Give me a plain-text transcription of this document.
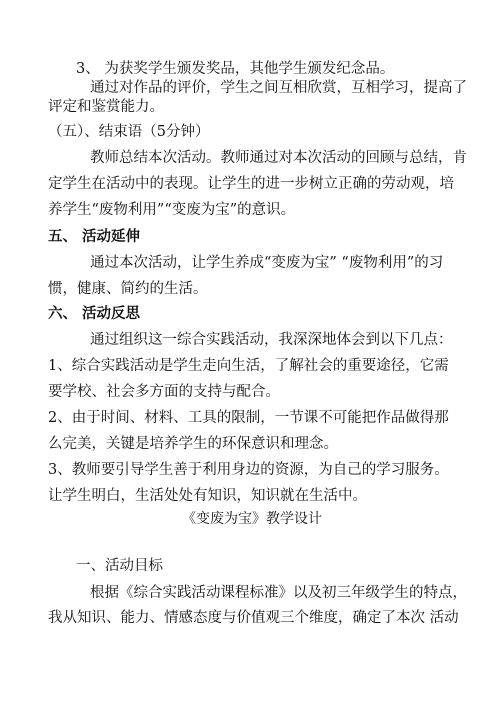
3、 为获奖学生颁发奖品，其他学生颁发纪念品。
通过对作品的评价，学生之间互相欣赏，互相学习，提高了
评定和鉴赏能力。
（五）、结束语（5分钟）
教师总结本次活动。教师通过对本次活动的回顾与总结，肯
定学生在活动中的表现。让学生的进一步树立正确的劳动观，培
养学生“废物利用”“变废为宝”的意识。
五、 活动延伸
通过本次活动，让学生养成“变废为宝” “废物利用”的习
惯，健康、简约的生活。
六、 活动反思
通过组织这一综合实践活动，我深深地体会到以下几点：
1、综合实践活动是学生走向生活，了解社会的重要途径，它需
要学校、社会多方面的支持与配合。
2、由于时间、材料、工具的限制，一节课不可能把作品做得那
么完美，关键是培养学生的环保意识和理念。
3、教师要引导学生善于利用身边的资源，为自己的学习服务。
让学生明白，生活处处有知识，知识就在生活中。
《变废为宝》教学设计
一、活动目标
根据《综合实践活动课程标准》以及初三年级学生的特点，
我从知识、能力、情感态度与价值观三个维度，确定了本次 活动
